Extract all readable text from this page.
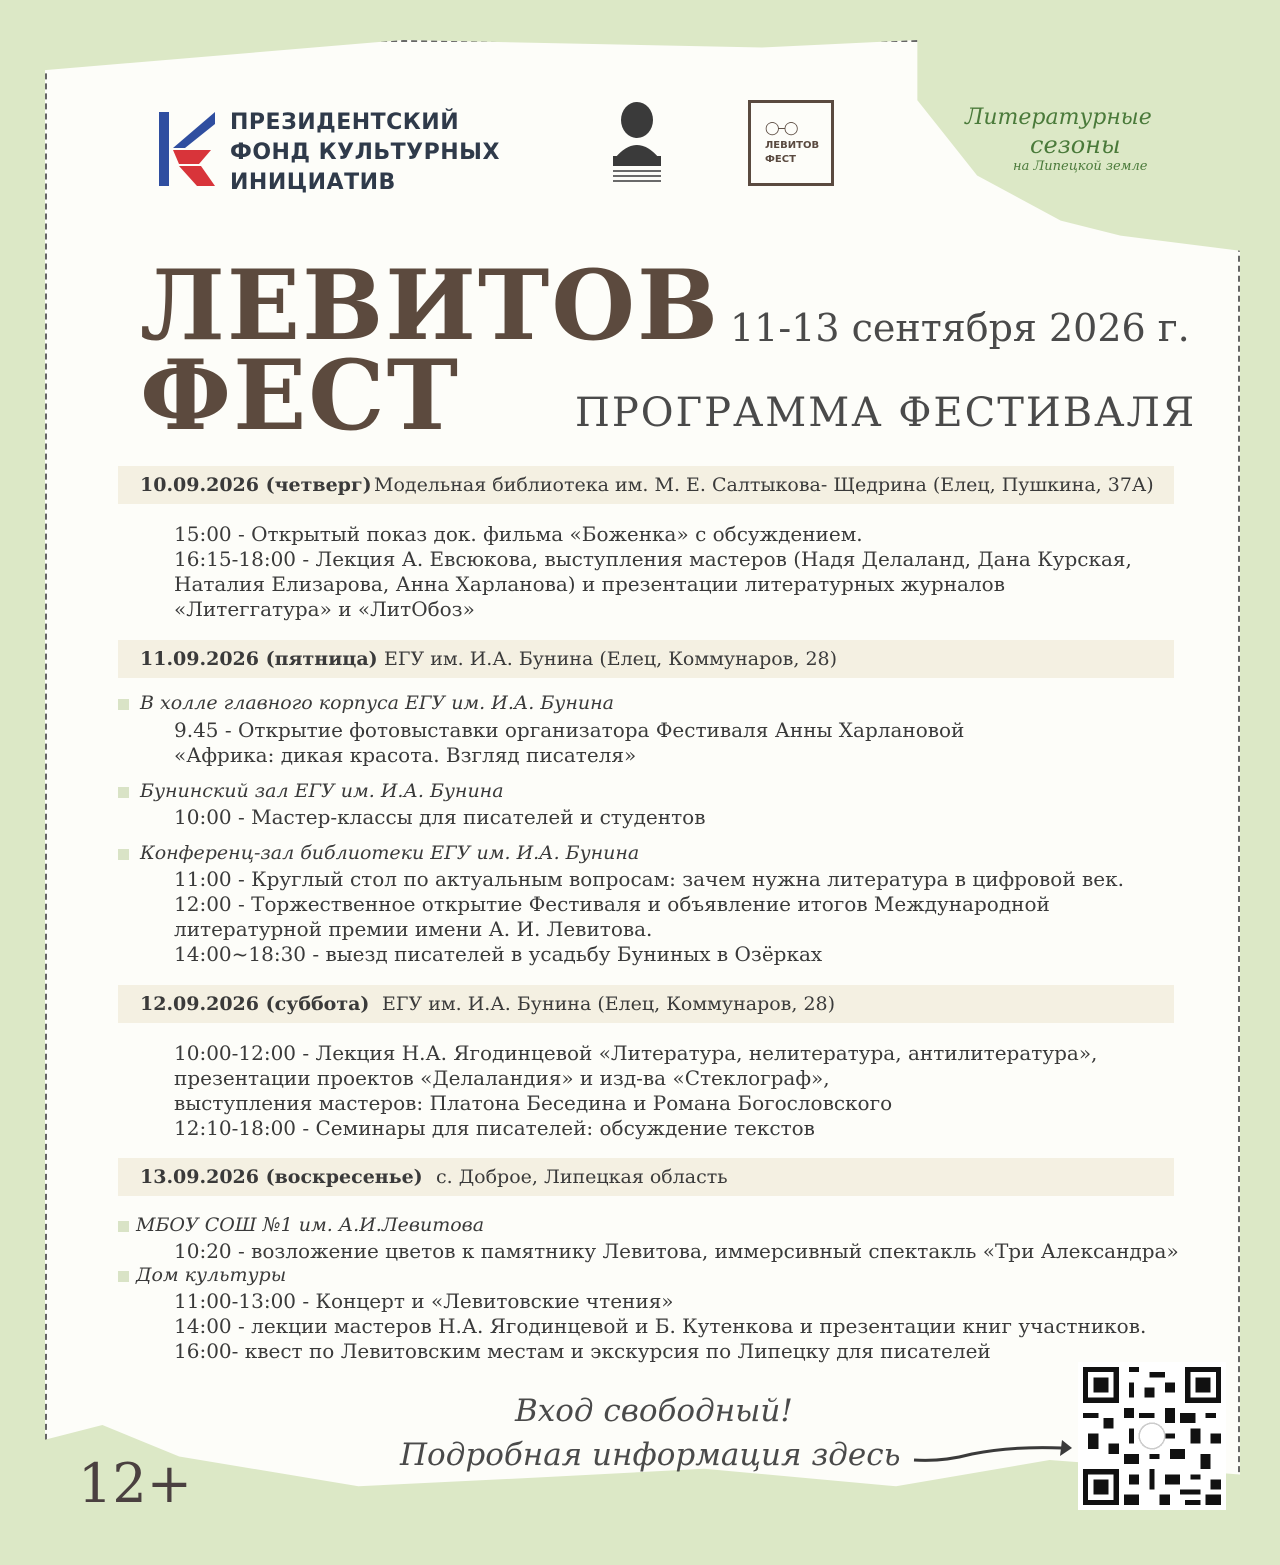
ПРЕЗИДЕНТСКИЙ
ФОНД КУЛЬТУРНЫХ
ИНИЦИАТИВ
◯‒◯
ЛЕВИТОВ
ФЕСТ
Литературные
сезоны
на Липецкой земле
ЛЕВИТОВ
ФЕСТ
11-13 сентября 2026 г.
ПРОГРАММА ФЕСТИВАЛЯ
10.09.2026 (четверг) Модельная библиотека им. М. Е. Салтыкова- Щедрина (Елец, Пушкина, 37А)
15:00 - Открытый показ док. фильма «Боженка» с обсуждением.
16:15-18:00 - Лекция А. Евсюкова, выступления мастеров (Надя Делаланд, Дана Курская,
Наталия Елизарова, Анна Харланова) и презентации литературных журналов
«Литеггатура» и «ЛитОбоз»
11.09.2026 (пятница) ЕГУ им. И.А. Бунина (Елец, Коммунаров, 28)
В холле главного корпуса ЕГУ им. И.А. Бунина
9.45 - Открытие фотовыставки организатора Фестиваля Анны Харлановой
«Африка: дикая красота. Взгляд писателя»
Бунинский зал ЕГУ им. И.А. Бунина
10:00 - Мастер-классы для писателей и студентов
Конференц-зал библиотеки ЕГУ им. И.А. Бунина
11:00 - Круглый стол по актуальным вопросам: зачем нужна литература в цифровой век.
12:00 - Торжественное открытие Фестиваля и объявление итогов Международной
литературной премии имени А. И. Левитова.
14:00~18:30 - выезд писателей в усадьбу Буниных в Озёрках
12.09.2026 (суббота) ЕГУ им. И.А. Бунина (Елец, Коммунаров, 28)
10:00-12:00 - Лекция Н.А. Ягодинцевой «Литература, нелитература, антилитература»,
презентации проектов «Делаландия» и изд-ва «Стеклограф»,
выступления мастеров: Платона Беседина и Романа Богословского
12:10-18:00 - Семинары для писателей: обсуждение текстов
13.09.2026 (воскресенье) с. Доброе, Липецкая область
МБОУ СОШ №1 им. А.И.Левитова
10:20 - возложение цветов к памятнику Левитова, иммерсивный спектакль «Три Александра»
Дом культуры
11:00-13:00 - Концерт и «Левитовские чтения»
14:00 - лекции мастеров Н.А. Ягодинцевой и Б. Кутенкова и презентации книг участников.
16:00- квест по Левитовским местам и экскурсия по Липецку для писателей
Вход свободный!
Подробная информация здесь
12+
